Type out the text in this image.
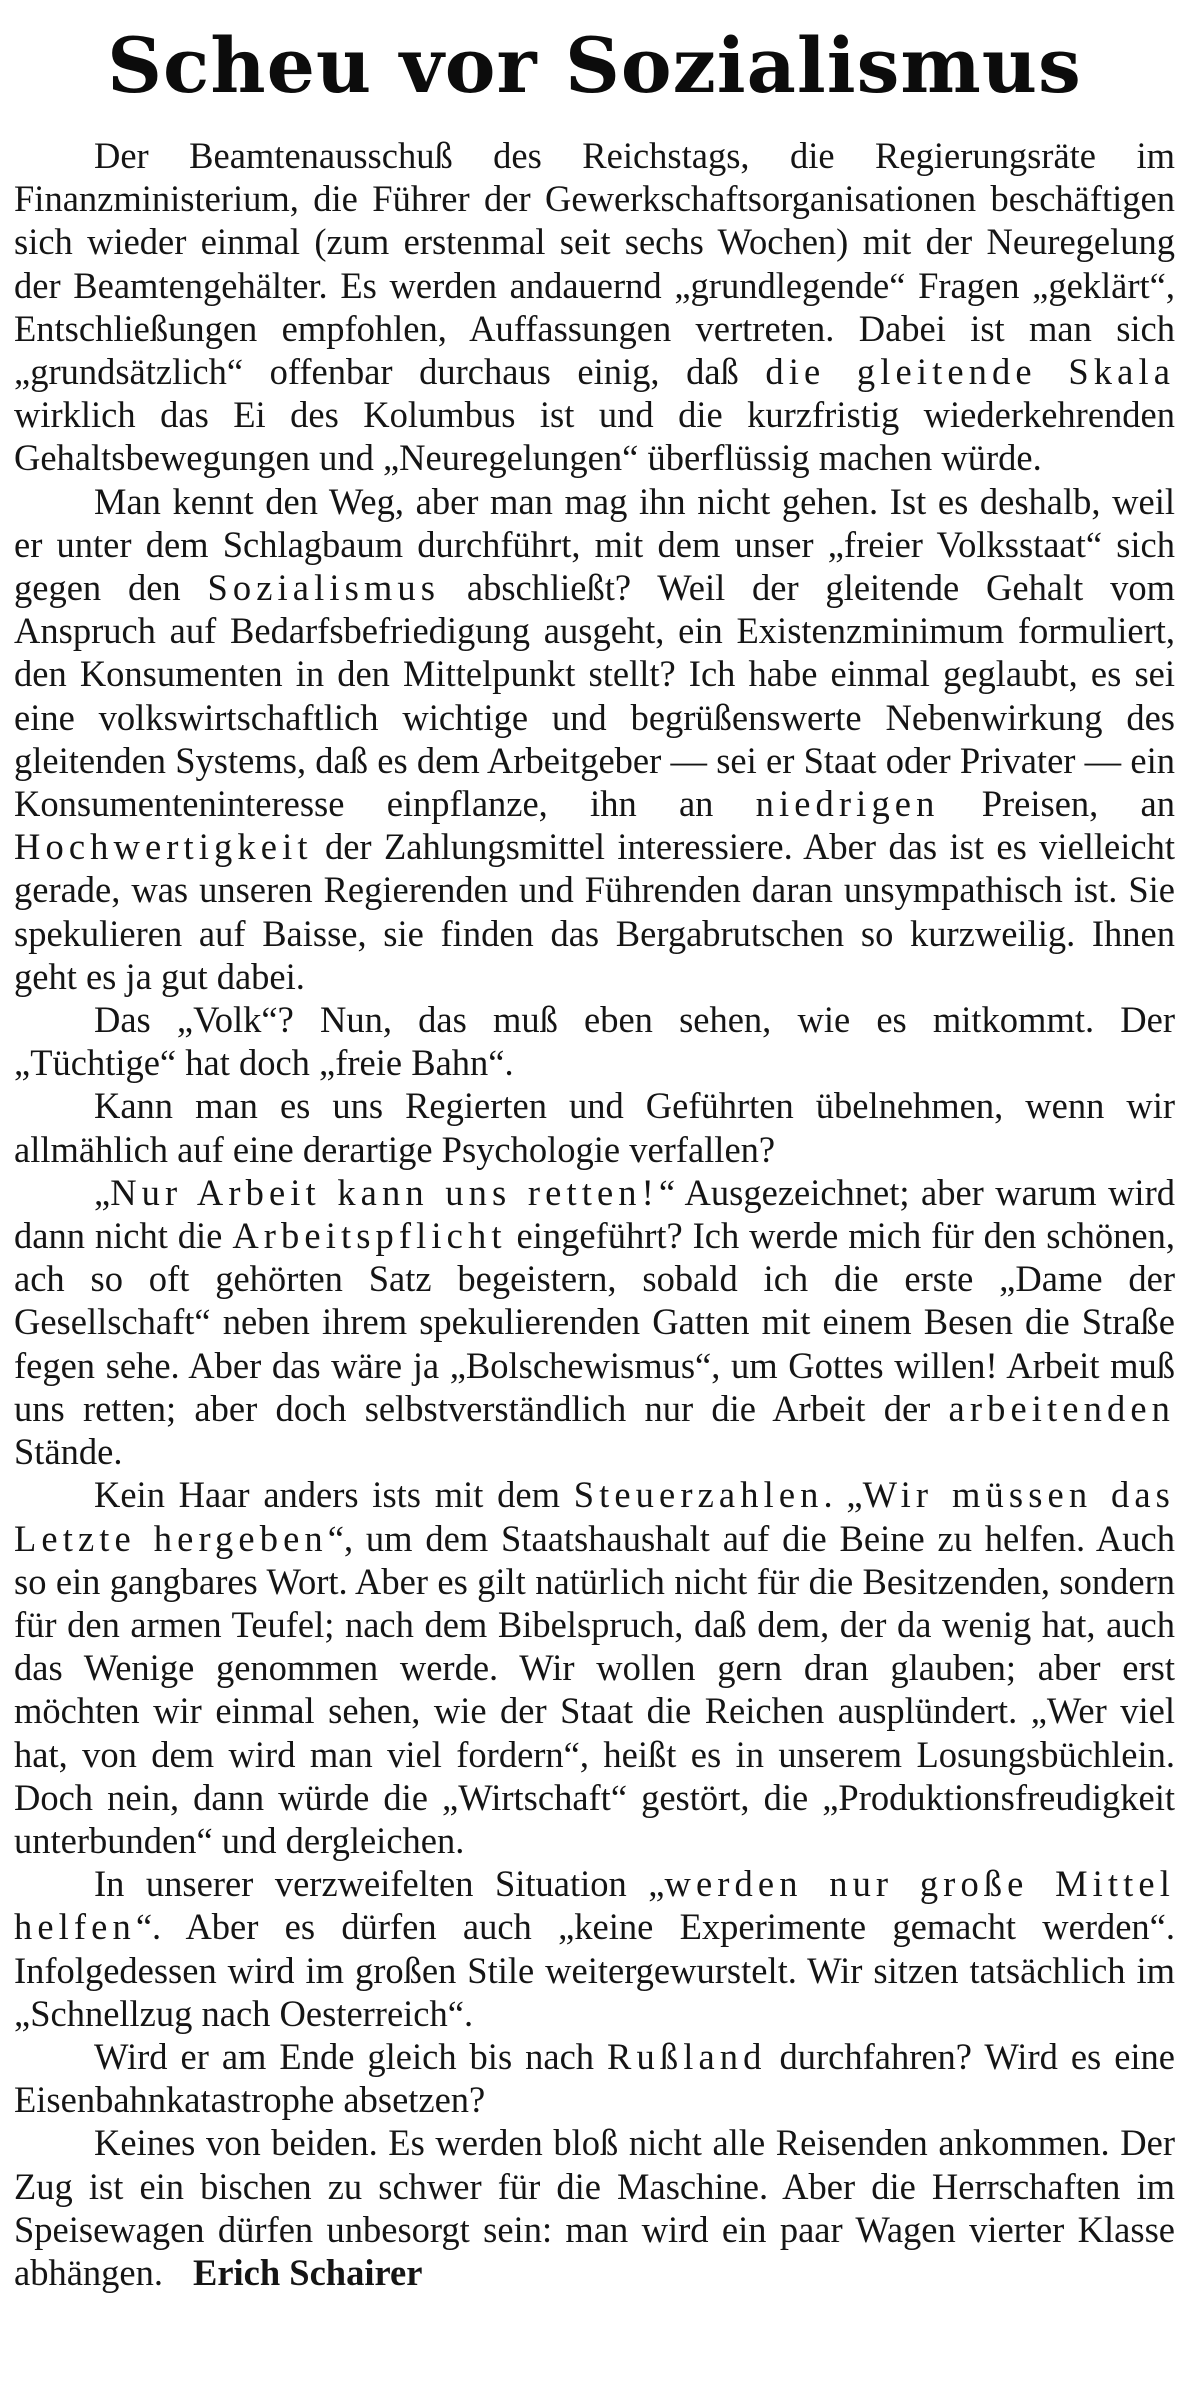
Scheu vor Sozialismus

Der Beamtenausschuß des Reichstags, die Regierungsräte im Finanzministerium, die Führer der Gewerkschaftsorganisationen beschäftigen sich wieder einmal (zum erstenmal seit sechs Wochen) mit der Neuregelung der Beamtengehälter. Es werden andauernd „grundlegende“ Fragen „geklärt“, Entschließungen empfohlen, Auffassungen vertreten. Dabei ist man sich „grundsätzlich“ offenbar durchaus einig, daß die gleitende Skala wirklich das Ei des Kolumbus ist und die kurzfristig wiederkehrenden Gehaltsbewegungen und „Neuregelungen“ überflüssig machen würde.

Man kennt den Weg, aber man mag ihn nicht gehen. Ist es deshalb, weil er unter dem Schlagbaum durchführt, mit dem unser „freier Volksstaat“ sich gegen den Sozialismus abschließt? Weil der gleitende Gehalt vom Anspruch auf Bedarfsbefriedigung ausgeht, ein Existenzminimum formuliert, den Konsumenten in den Mittelpunkt stellt? Ich habe einmal geglaubt, es sei eine volkswirtschaftlich wichtige und begrüßenswerte Nebenwirkung des gleitenden Systems, daß es dem Arbeitgeber — sei er Staat oder Privater — ein Konsumenteninteresse einpflanze, ihn an niedrigen Preisen, an Hochwertigkeit der Zahlungsmittel interessiere. Aber das ist es vielleicht gerade, was unseren Regierenden und Führenden daran unsympathisch ist. Sie spekulieren auf Baisse, sie finden das Bergabrutschen so kurzweilig. Ihnen geht es ja gut dabei.

Das „Volk“? Nun, das muß eben sehen, wie es mitkommt. Der „Tüchtige“ hat doch „freie Bahn“.

Kann man es uns Regierten und Geführten übelnehmen, wenn wir allmählich auf eine derartige Psychologie verfallen?

„Nur Arbeit kann uns retten!“ Ausgezeichnet; aber warum wird dann nicht die Arbeitspflicht eingeführt? Ich werde mich für den schönen, ach so oft gehörten Satz begeistern, sobald ich die erste „Dame der Gesellschaft“ neben ihrem spekulierenden Gatten mit einem Besen die Straße fegen sehe. Aber das wäre ja „Bolschewismus“, um Gottes willen! Arbeit muß uns retten; aber doch selbstverständlich nur die Arbeit der arbeitenden Stände.

Kein Haar anders ists mit dem Steuerzahlen. „Wir müssen das Letzte hergeben“, um dem Staatshaushalt auf die Beine zu helfen. Auch so ein gangbares Wort. Aber es gilt natürlich nicht für die Besitzenden, sondern für den armen Teufel; nach dem Bibelspruch, daß dem, der da wenig hat, auch das Wenige genommen werde. Wir wollen gern dran glauben; aber erst möchten wir einmal sehen, wie der Staat die Reichen ausplündert. „Wer viel hat, von dem wird man viel fordern“, heißt es in unserem Losungsbüchlein. Doch nein, dann würde die „Wirtschaft“ gestört, die „Produktionsfreudigkeit unterbunden“ und dergleichen.

In unserer verzweifelten Situation „werden nur große Mittel helfen“. Aber es dürfen auch „keine Experimente gemacht werden“. Infolgedessen wird im großen Stile weitergewurstelt. Wir sitzen tatsächlich im „Schnellzug nach Oesterreich“.

Wird er am Ende gleich bis nach Rußland durchfahren? Wird es eine Eisenbahnkatastrophe absetzen?

Keines von beiden. Es werden bloß nicht alle Reisenden ankommen. Der Zug ist ein bischen zu schwer für die Maschine. Aber die Herrschaften im Speisewagen dürfen unbesorgt sein: man wird ein paar Wagen vierter Klasse abhängen. Erich Schairer
